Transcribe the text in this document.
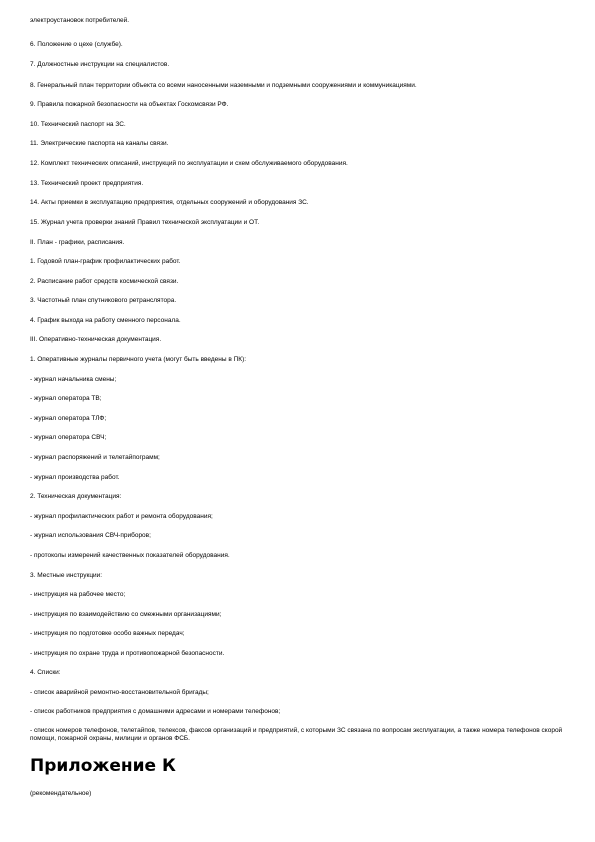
электроустановок потребителей.
6. Положение о цехе (службе).
7. Должностные инструкции на специалистов.
8. Генеральный план территории объекта со всеми наносенными наземными и подземными сооружениями и коммуникациями.
9. Правила пожарной безопасности на объектах Госкомсвязи РФ.
10. Технический паспорт на ЗС.
11. Электрические паспорта на каналы связи.
12. Комплект технических описаний, инструкций по эксплуатации и схем обслуживаемого оборудования.
13. Технический проект предприятия.
14. Акты приемки в эксплуатацию предприятия, отдельных сооружений и оборудования ЗС.
15. Журнал учета проверки знаний Правил технической эксплуатации и ОТ.
II. План - графики, расписания.
1. Годовой план-график профилактических работ.
2. Расписание работ средств космической связи.
3. Частотный план спутникового ретранслятора.
4. График выхода на работу сменного персонала.
III. Оперативно-техническая документация.
1. Оперативные журналы первичного учета (могут быть введены в ПК):
- журнал начальника смены;
- журнал оператора ТВ;
- журнал оператора ТЛФ;
- журнал оператора СВЧ;
- журнал распоряжений и телетайпограмм;
- журнал производства работ.
2. Техническая документация:
- журнал профилактических работ и ремонта оборудования;
- журнал использования СВЧ-приборов;
- протоколы измерений качественных показателей оборудования.
3. Местные инструкции:
- инструкция на рабочее место;
- инструкция по взаимодействию со смежными организациями;
- инструкция по подготовке особо важных передач;
- инструкция по охране труда и противопожарной безопасности.
4. Списки:
- список аварийной ремонтно-восстановительной бригады;
- список работников предприятия с домашними адресами и номерами телефонов;
- список номеров телефонов, телетайпов, телексов, факсов организаций и предприятий, с которыми ЗС связана по вопросам эксплуатации, а также номера телефонов скорой помощи, пожарной охраны, милиции и органов ФСБ.
Приложение К
(рекомендательное)
